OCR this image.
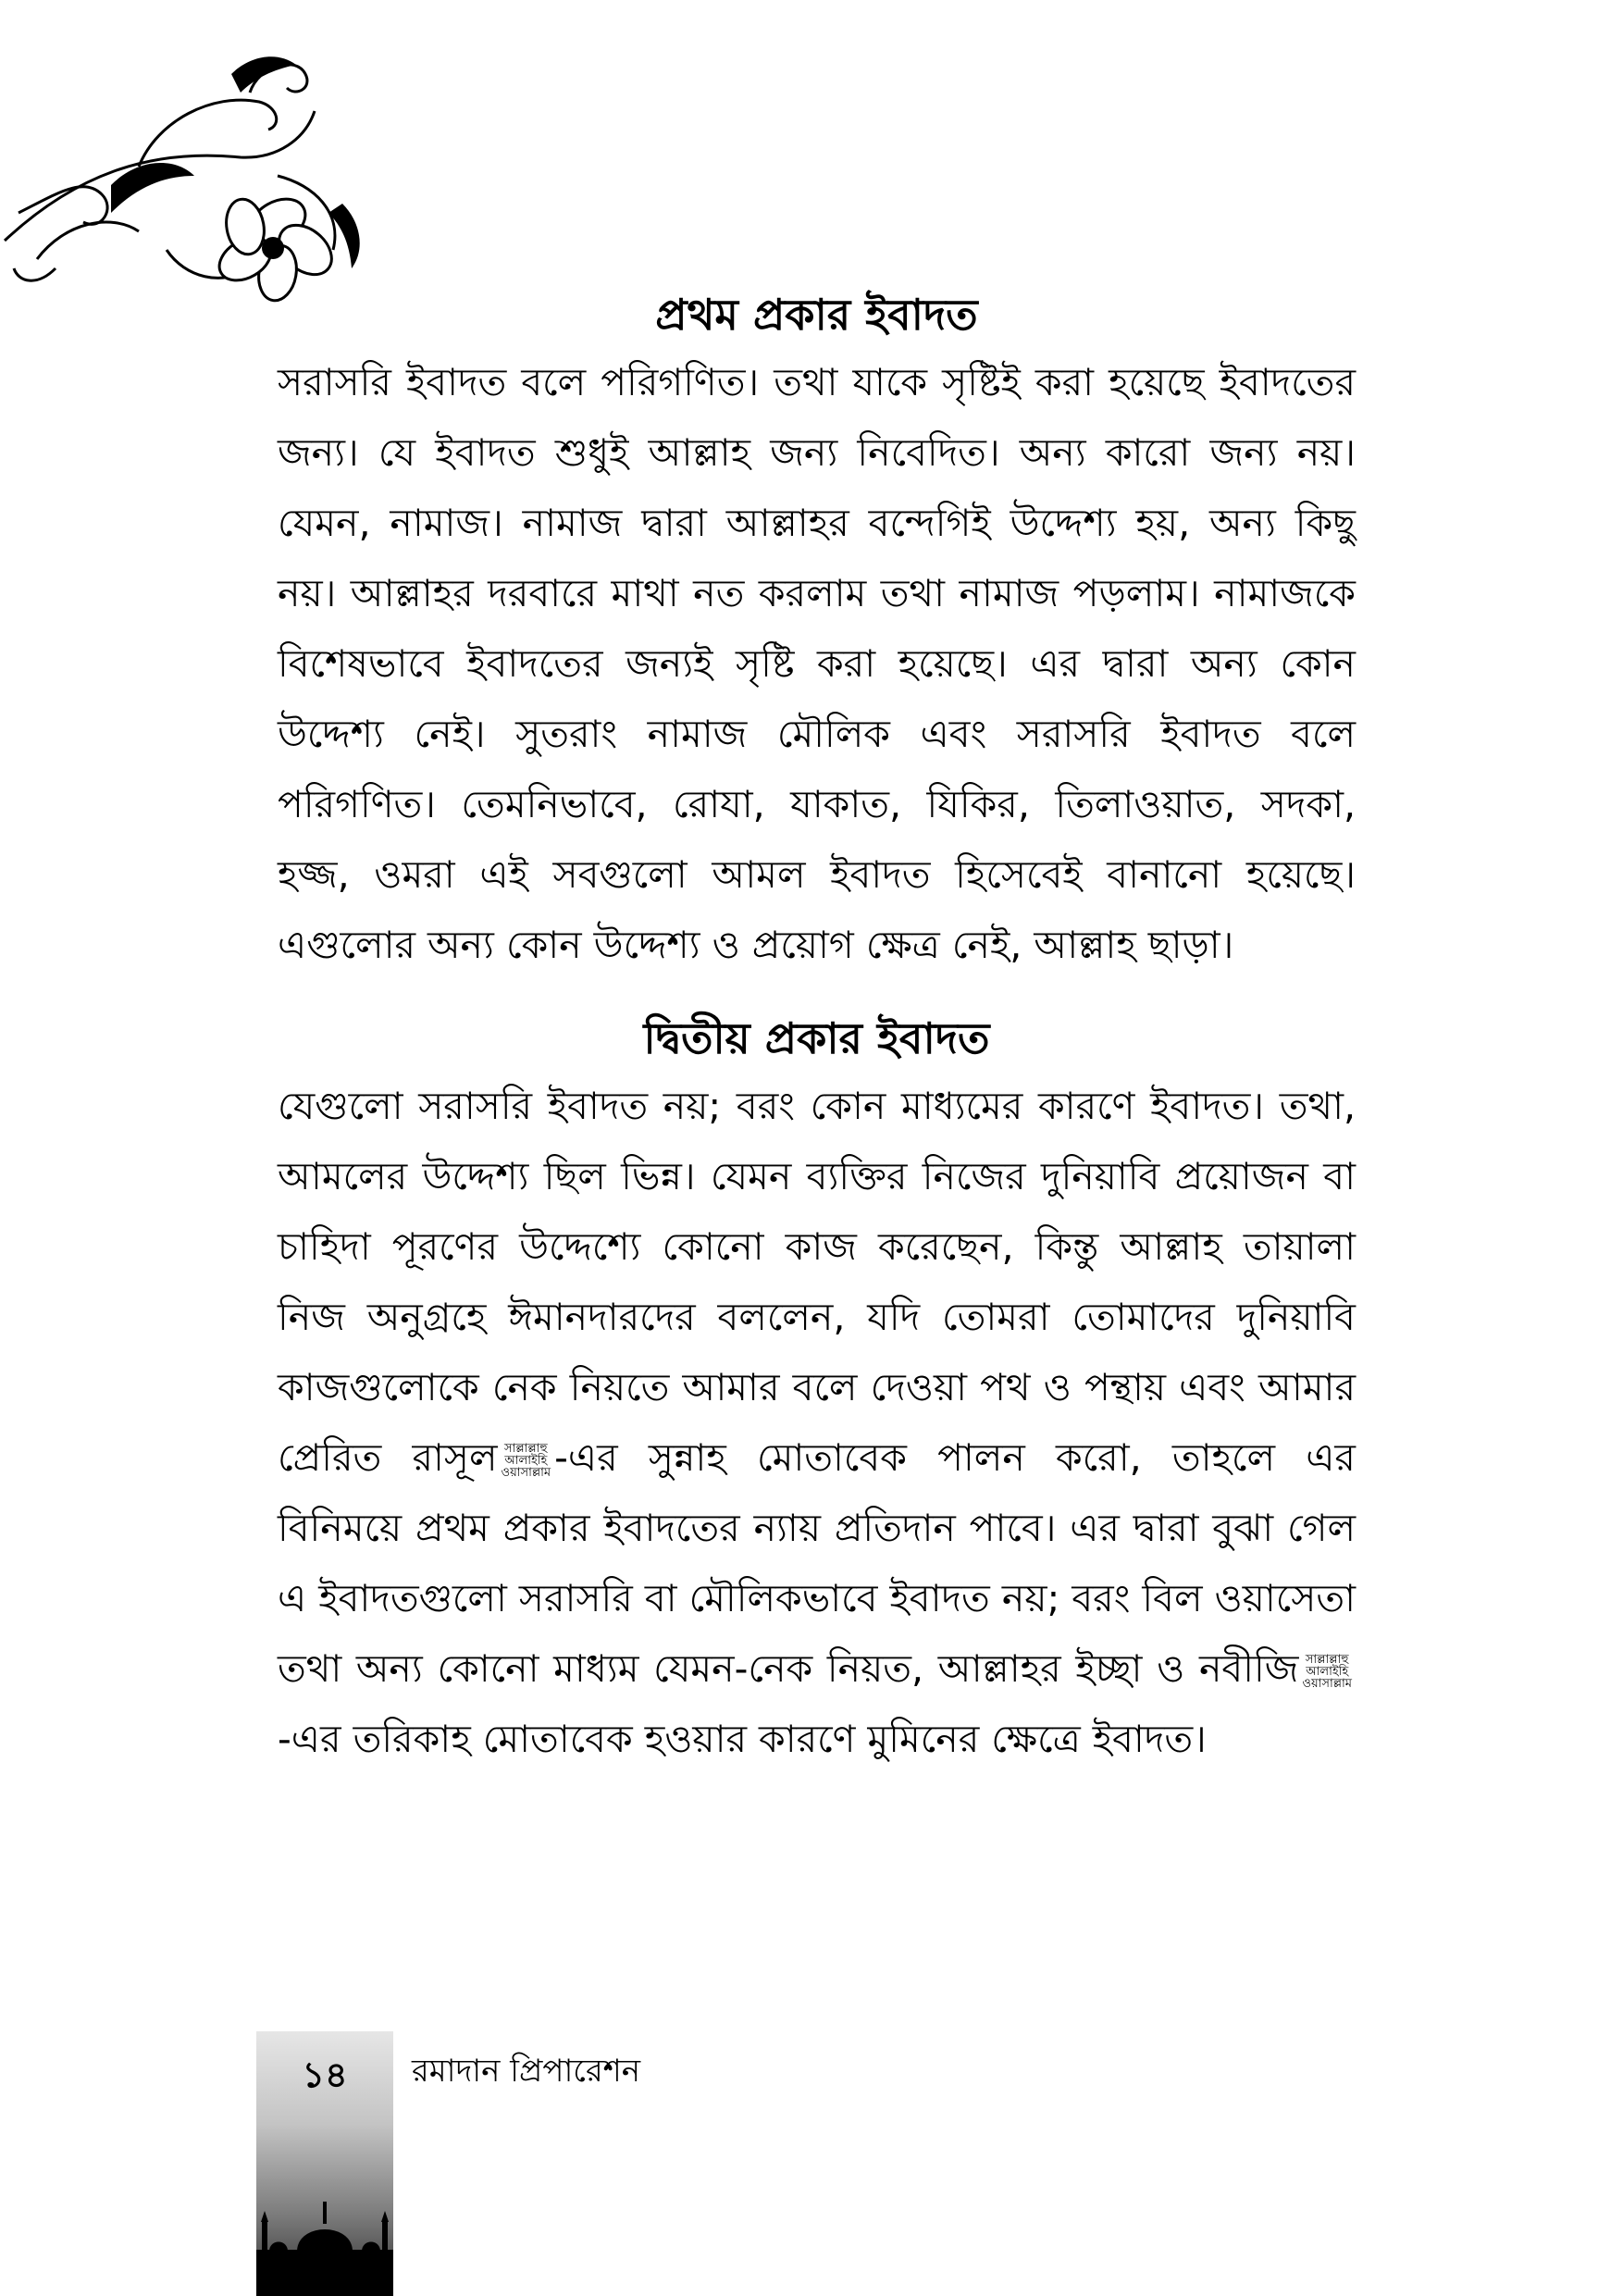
প্রথম প্রকার ইবাদত

সরাসরি ইবাদত বলে পরিগণিত। তথা যাকে সৃষ্টিই করা হয়েছে ইবাদতের জন্য। যে ইবাদত শুধুই আল্লাহ জন্য নিবেদিত। অন্য কারো জন্য নয়। যেমন, নামাজ। নামাজ দ্বারা আল্লাহর বন্দেগিই উদ্দেশ্য হয়, অন্য কিছু নয়। আল্লাহর দরবারে মাথা নত করলাম তথা নামাজ পড়লাম। নামাজকে বিশেষভাবে ইবাদতের জন্যই সৃষ্টি করা হয়েছে। এর দ্বারা অন্য কোন উদ্দেশ্য নেই। সুতরাং নামাজ মৌলিক এবং সরাসরি ইবাদত বলে পরিগণিত। তেমনিভাবে, রোযা, যাকাত, যিকির, তিলাওয়াত, সদকা, হজ্জ, ওমরা এই সবগুলো আমল ইবাদত হিসেবেই বানানো হয়েছে। এগুলোর অন্য কোন উদ্দেশ্য ও প্রয়োগ ক্ষেত্র নেই, আল্লাহ ছাড়া।

দ্বিতীয় প্রকার ইবাদত

যেগুলো সরাসরি ইবাদত নয়; বরং কোন মাধ্যমের কারণে ইবাদত। তথা, আমলের উদ্দেশ্য ছিল ভিন্ন। যেমন ব্যক্তির নিজের দুনিয়াবি প্রয়োজন বা চাহিদা পূরণের উদ্দেশ্যে কোনো কাজ করেছেন, কিন্তু আল্লাহ তায়ালা নিজ অনুগ্রহে ঈমানদারদের বললেন, যদি তোমরা তোমাদের দুনিয়াবি কাজগুলোকে নেক নিয়তে আমার বলে দেওয়া পথ ও পন্থায় এবং আমার প্রেরিত রাসূল সাল্লাল্লাহু
আলাইহি
ওয়াসাল্লাম -এর সুন্নাহ মোতাবেক পালন করো, তাহলে এর বিনিময়ে প্রথম প্রকার ইবাদতের ন্যায় প্রতিদান পাবে। এর দ্বারা বুঝা গেল এ ইবাদতগুলো সরাসরি বা মৌলিকভাবে ইবাদত নয়; বরং বিল ওয়াসেতা তথা অন্য কোনো মাধ্যম যেমন-নেক নিয়ত, আল্লাহর ইচ্ছা ও নবীজি সাল্লাল্লাহু
আলাইহি
ওয়াসাল্লাম
-এর তরিকাহ মোতাবেক হওয়ার কারণে মুমিনের ক্ষেত্রে ইবাদত।

১৪	রমাদান প্রিপারেশন
